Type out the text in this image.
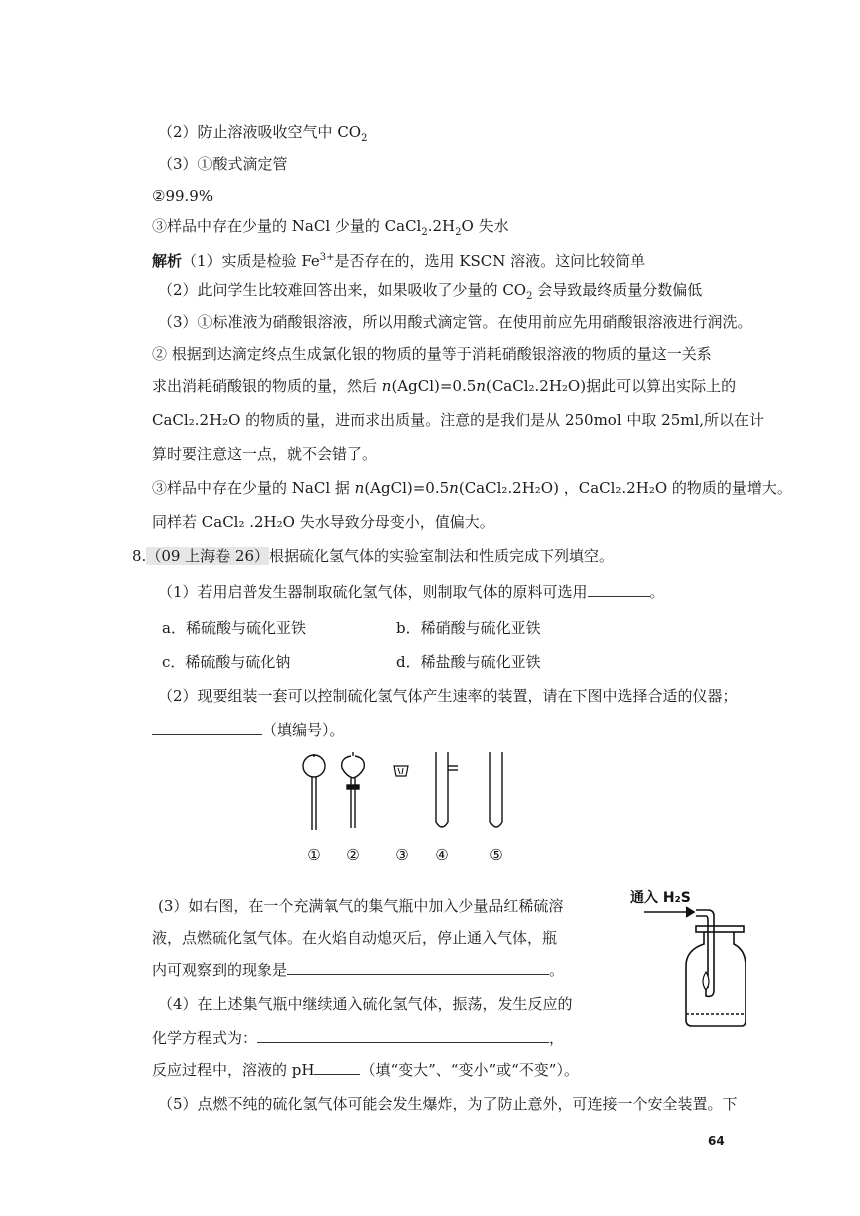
（2）防止溶液吸收空气中 $CO_2$
（3）①酸式滴定管
②99.9%
③样品中存在少量的 NaCl 少量的 $CaCl_2.2H_2O$ 失水
解析（1）实质是检验 $Fe^{3+}$是否存在的，选用 KSCN 溶液。这问比较简单
（2）此问学生比较难回答出来，如果吸收了少量的 $CO_2$ 会导致最终质量分数偏低
（3）①标准液为硝酸银溶液，所以用酸式滴定管。在使用前应先用硝酸银溶液进行润洗。
② 根据到达滴定终点生成氯化银的物质的量等于消耗硝酸银溶液的物质的量这一关系
求出消耗硝酸银的物质的量，然后 n(AgCl)=0.5n(CaCl₂.2H₂O)据此可以算出实际上的
CaCl₂.2H₂O 的物质的量，进而求出质量。注意的是我们是从 250mol 中取 25ml,所以在计
算时要注意这一点，就不会错了。
③样品中存在少量的 NaCl 据 n(AgCl)=0.5n(CaCl₂.2H₂O) ，CaCl₂.2H₂O 的物质的量增大。
同样若 CaCl₂ .2H₂O 失水导致分母变小，值偏大。
8.（09 上海卷 26）根据硫化氢气体的实验室制法和性质完成下列填空。
（1）若用启普发生器制取硫化氢气体，则制取气体的原料可选用	。
a．稀硫酸与硫化亚铁	b．稀硝酸与硫化亚铁
c．稀硫酸与硫化钠	d．稀盐酸与硫化亚铁
（2）现要组装一套可以控制硫化氢气体产生速率的装置，请在下图中选择合适的仪器；
（填编号）。
① ② ③ ④	⑤
(3）如右图，在一个充满氧气的集气瓶中加入少量品红稀硫溶
液，点燃硫化氢气体。在火焰自动熄灭后，停止通入气体，瓶
内可观察到的现象是	。
（4）在上述集气瓶中继续通入硫化氢气体，振荡，发生反应的
化学方程式为：	，
反应过程中，溶液的 pH	（填“变大”、“变小”或“不变”）。
（5）点燃不纯的硫化氢气体可能会发生爆炸，为了防止意外，可连接一个安全装置。下
通入 H₂S
64
